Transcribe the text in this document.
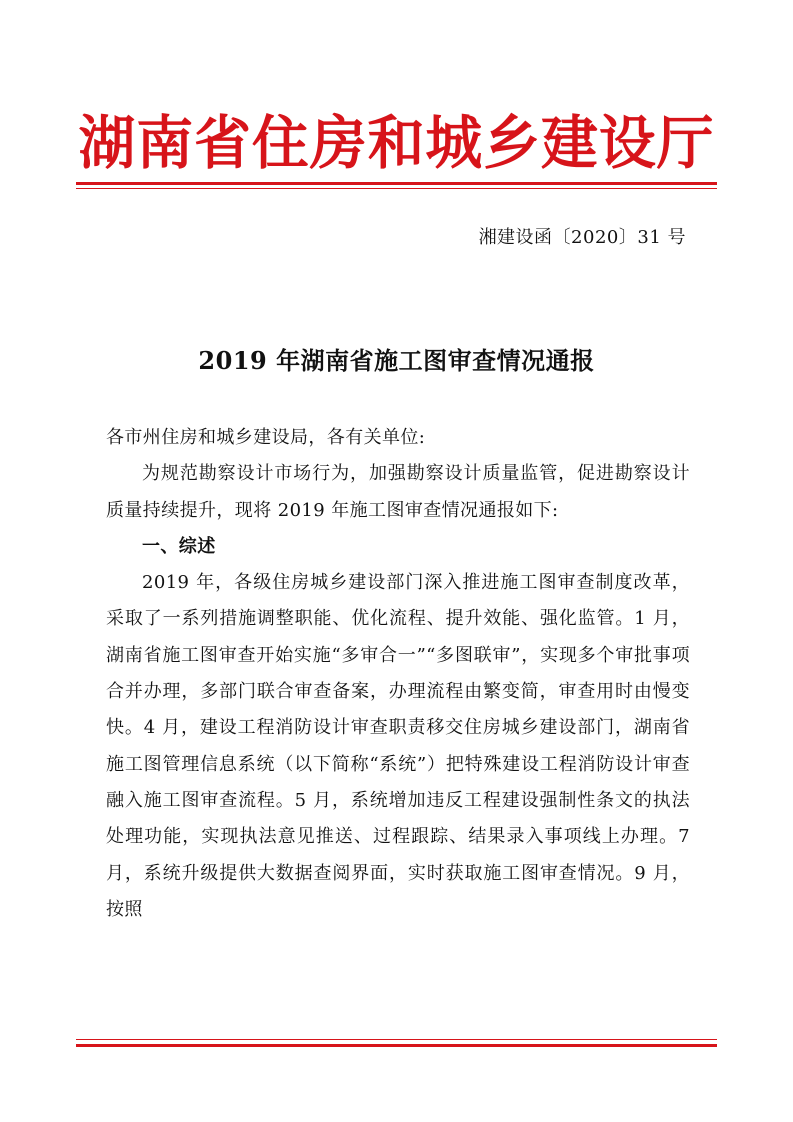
湖南省住房和城乡建设厅
湘建设函〔2020〕31 号
2019 年湖南省施工图审查情况通报

各市州住房和城乡建设局，各有关单位:

为规范勘察设计市场行为，加强勘察设计质量监管，促进勘察设计质量持续提升，现将 2019 年施工图审查情况通报如下:

一、综述

2019 年，各级住房城乡建设部门深入推进施工图审查制度改革，采取了一系列措施调整职能、优化流程、提升效能、强化监管。1 月，湖南省施工图审查开始实施“多审合一”“多图联审”，实现多个审批事项合并办理，多部门联合审查备案，办理流程由繁变简，审查用时由慢变快。4 月，建设工程消防设计审查职责移交住房城乡建设部门，湖南省施工图管理信息系统（以下简称“系统”）把特殊建设工程消防设计审查融入施工图审查流程。5 月，系统增加违反工程建设强制性条文的执法处理功能，实现执法意见推送、过程跟踪、结果录入事项线上办理。7 月，系统升级提供大数据查阅界面，实时获取施工图审查情况。9 月，按照
